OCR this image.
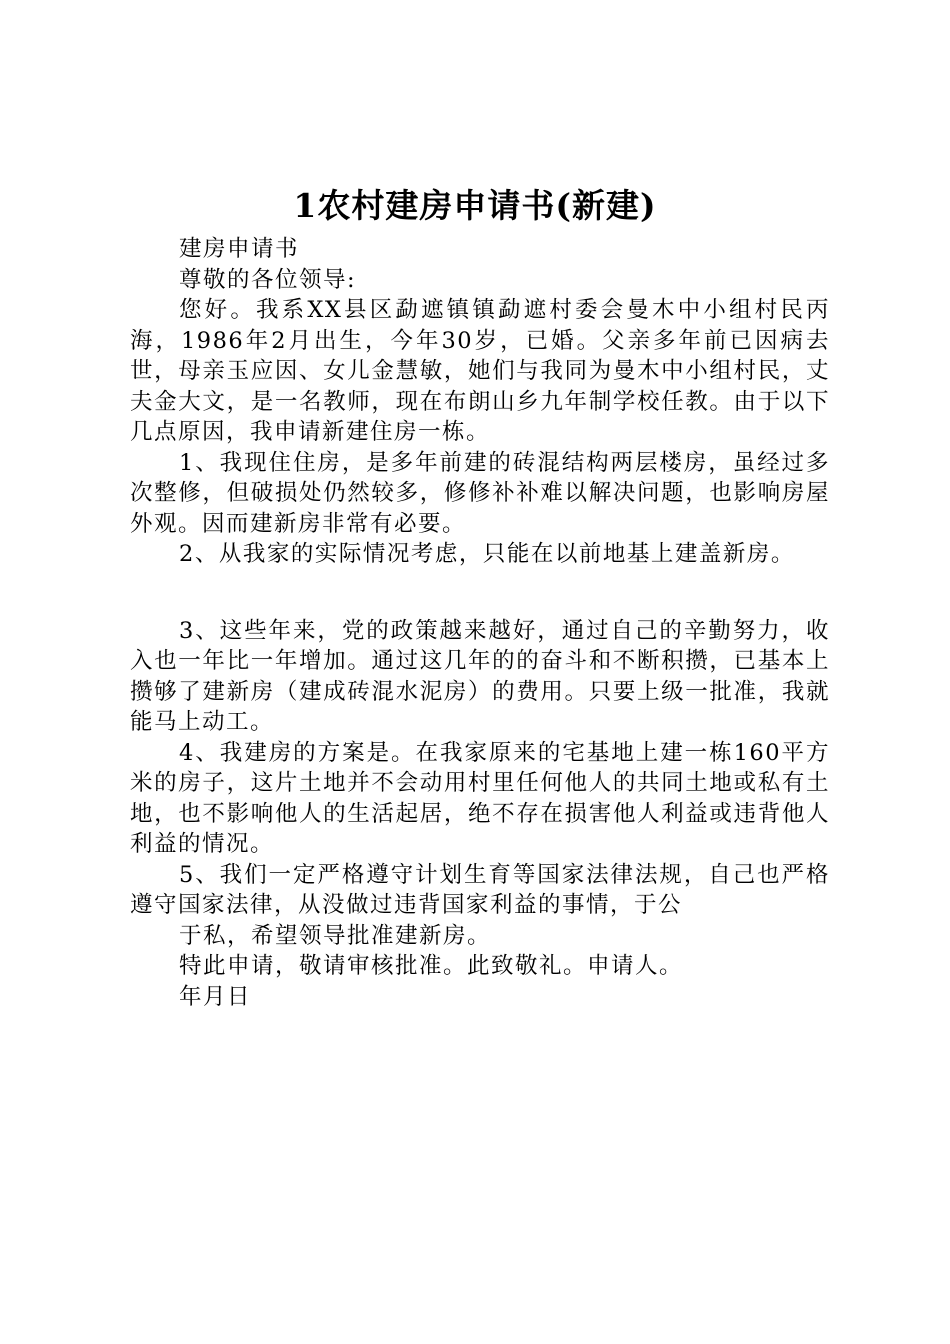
1农村建房申请书(新建)

建房申请书

尊敬的各位领导:

您好。我系XX县区勐遮镇镇勐遮村委会曼木中小组村民丙海，1986年2月出生，今年30岁，已婚。父亲多年前已因病去世，母亲玉应因、女儿金慧敏，她们与我同为曼木中小组村民，丈夫金大文，是一名教师，现在布朗山乡九年制学校任教。由于以下几点原因，我申请新建住房一栋。

1、我现住住房，是多年前建的砖混结构两层楼房，虽经过多次整修，但破损处仍然较多，修修补补难以解决问题，也影响房屋外观。因而建新房非常有必要。

2、从我家的实际情况考虑，只能在以前地基上建盖新房。

3、这些年来，党的政策越来越好，通过自己的辛勤努力，收入也一年比一年增加。通过这几年的的奋斗和不断积攒，已基本上攒够了建新房（建成砖混水泥房）的费用。只要上级一批准，我就能马上动工。

4、我建房的方案是。在我家原来的宅基地上建一栋160平方米的房子，这片土地并不会动用村里任何他人的共同土地或私有土地，也不影响他人的生活起居，绝不存在损害他人利益或违背他人利益的情况。

5、我们一定严格遵守计划生育等国家法律法规，自己也严格遵守国家法律，从没做过违背国家利益的事情，于公

于私，希望领导批准建新房。

特此申请，敬请审核批准。此致敬礼。申请人。

年月日
